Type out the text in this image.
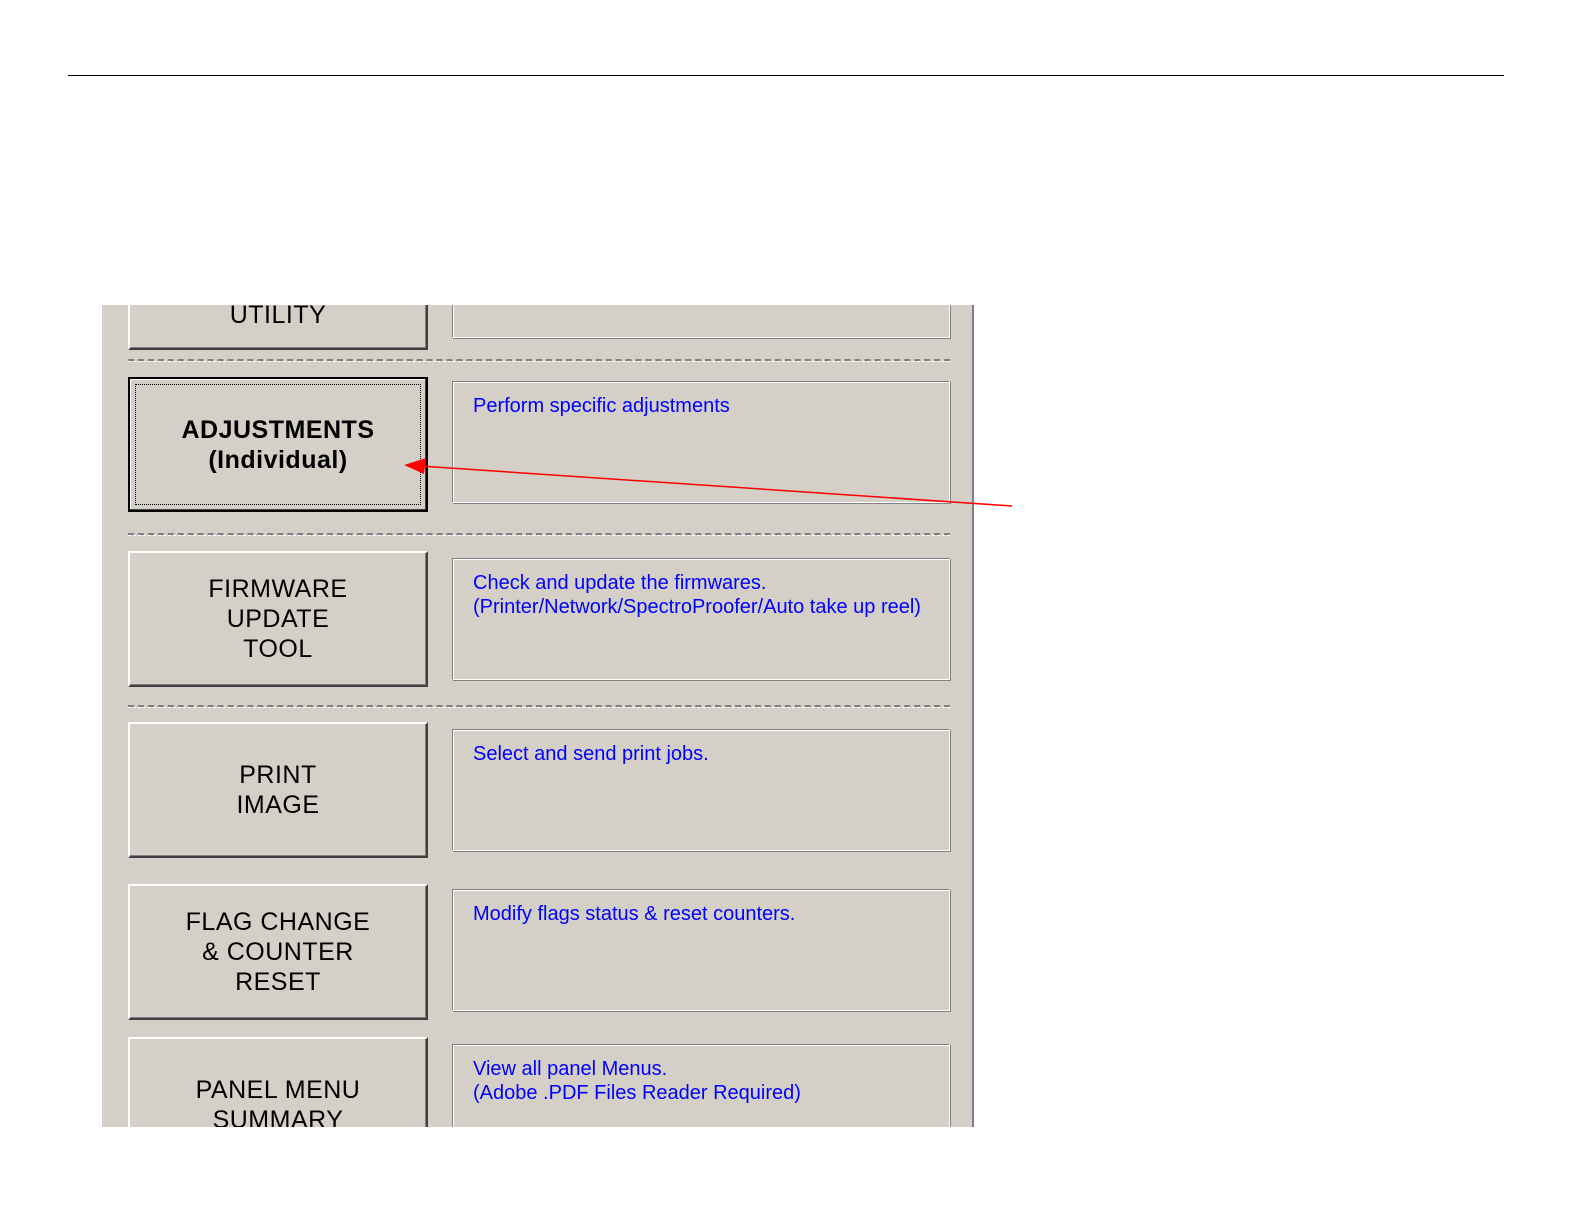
UTILITY
ADJUSTMENTS
(Individual)
Perform specific adjustments
FIRMWARE
UPDATE
TOOL
Check and update the firmwares.
(Printer/Network/SpectroProofer/Auto take up reel)
PRINT
IMAGE
Select and send print jobs.
FLAG CHANGE
& COUNTER
RESET
Modify flags status & reset counters.
PANEL MENU
SUMMARY
View all panel Menus.
(Adobe .PDF Files Reader Required)
